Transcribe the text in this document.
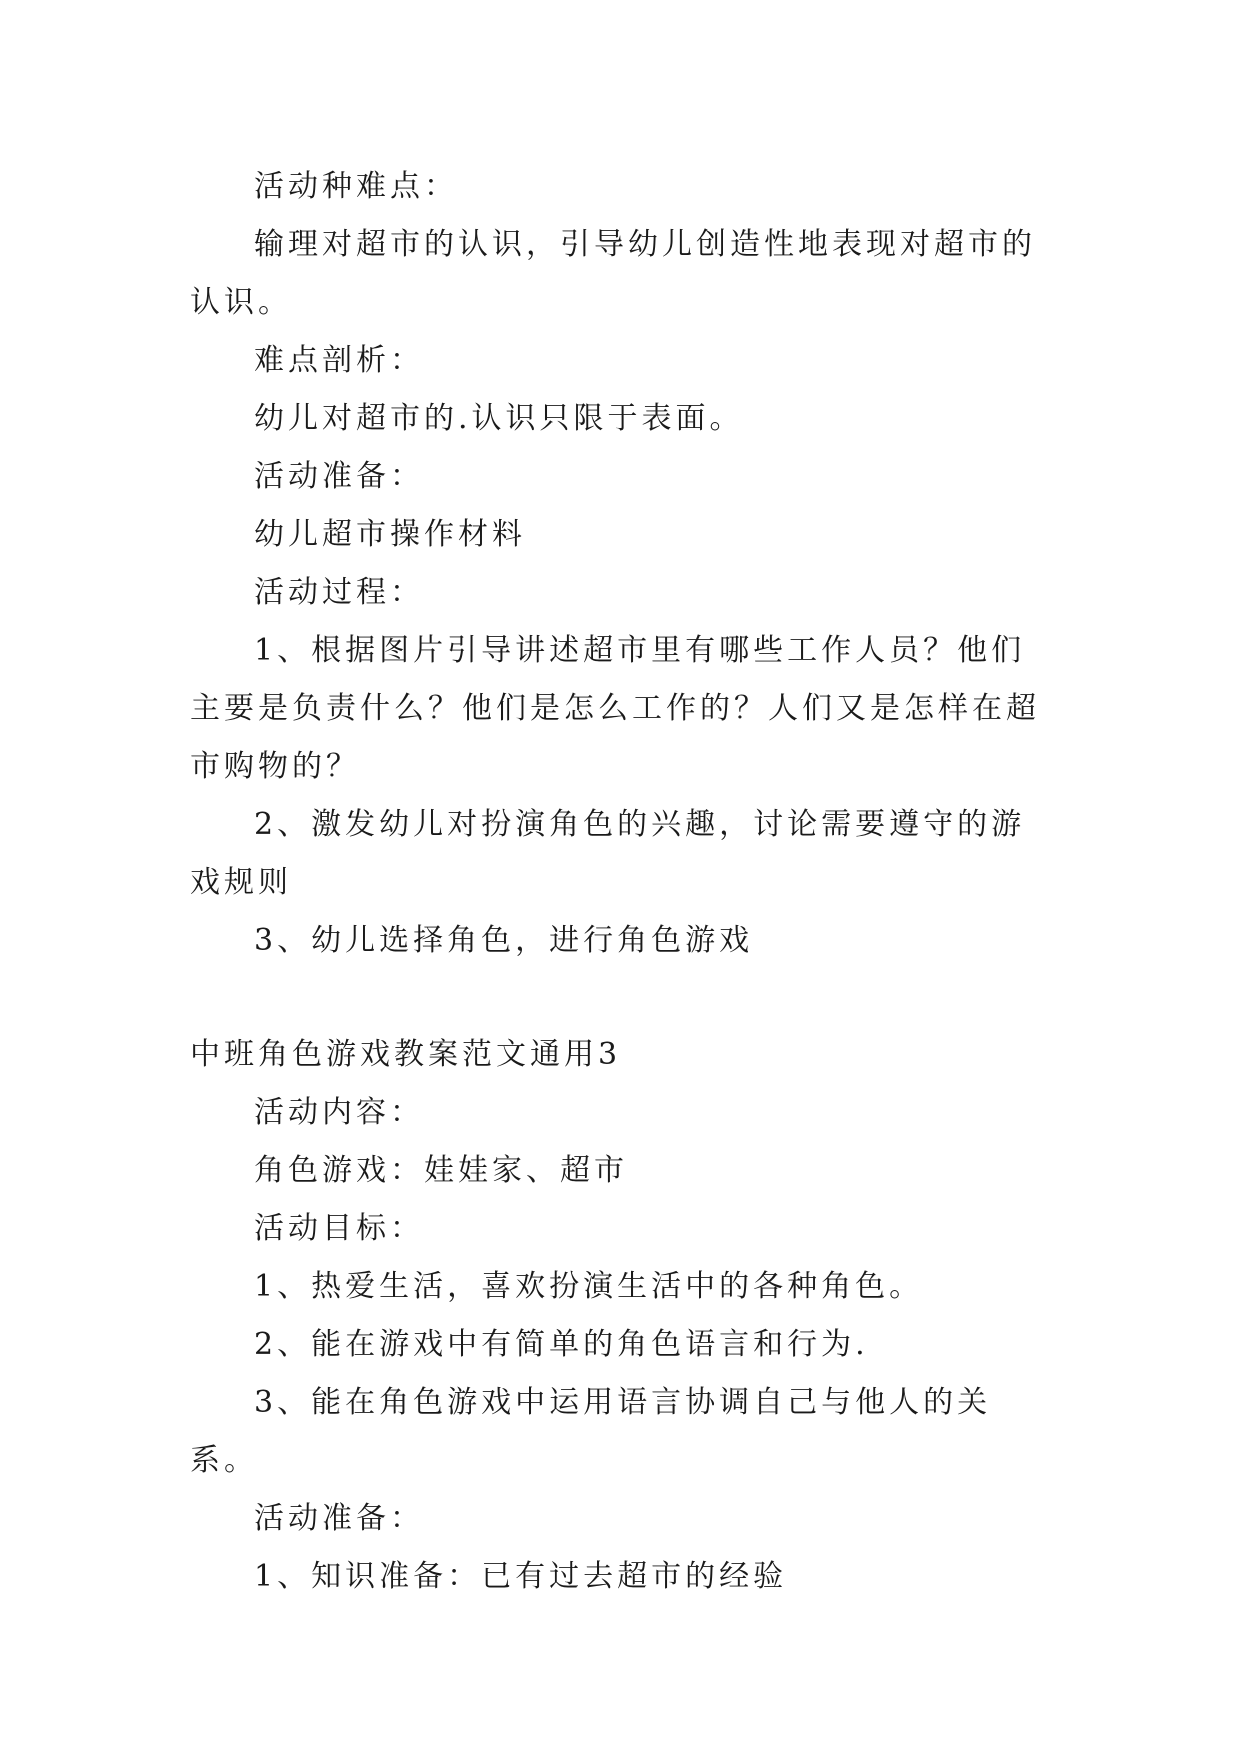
活动种难点：

输理对超市的认识，引导幼儿创造性地表现对超市的认识。

难点剖析：

幼儿对超市的.认识只限于表面。

活动准备：

幼儿超市操作材料

活动过程：

1、根据图片引导讲述超市里有哪些工作人员？他们主要是负责什么？他们是怎么工作的？人们又是怎样在超市购物的？

2、激发幼儿对扮演角色的兴趣，讨论需要遵守的游戏规则

3、幼儿选择角色，进行角色游戏

中班角色游戏教案范文通用3

活动内容：

角色游戏：娃娃家、超市

活动目标：

1、热爱生活，喜欢扮演生活中的各种角色。

2、能在游戏中有简单的角色语言和行为.

3、能在角色游戏中运用语言协调自己与他人的关系。

活动准备：

1、知识准备：已有过去超市的经验
